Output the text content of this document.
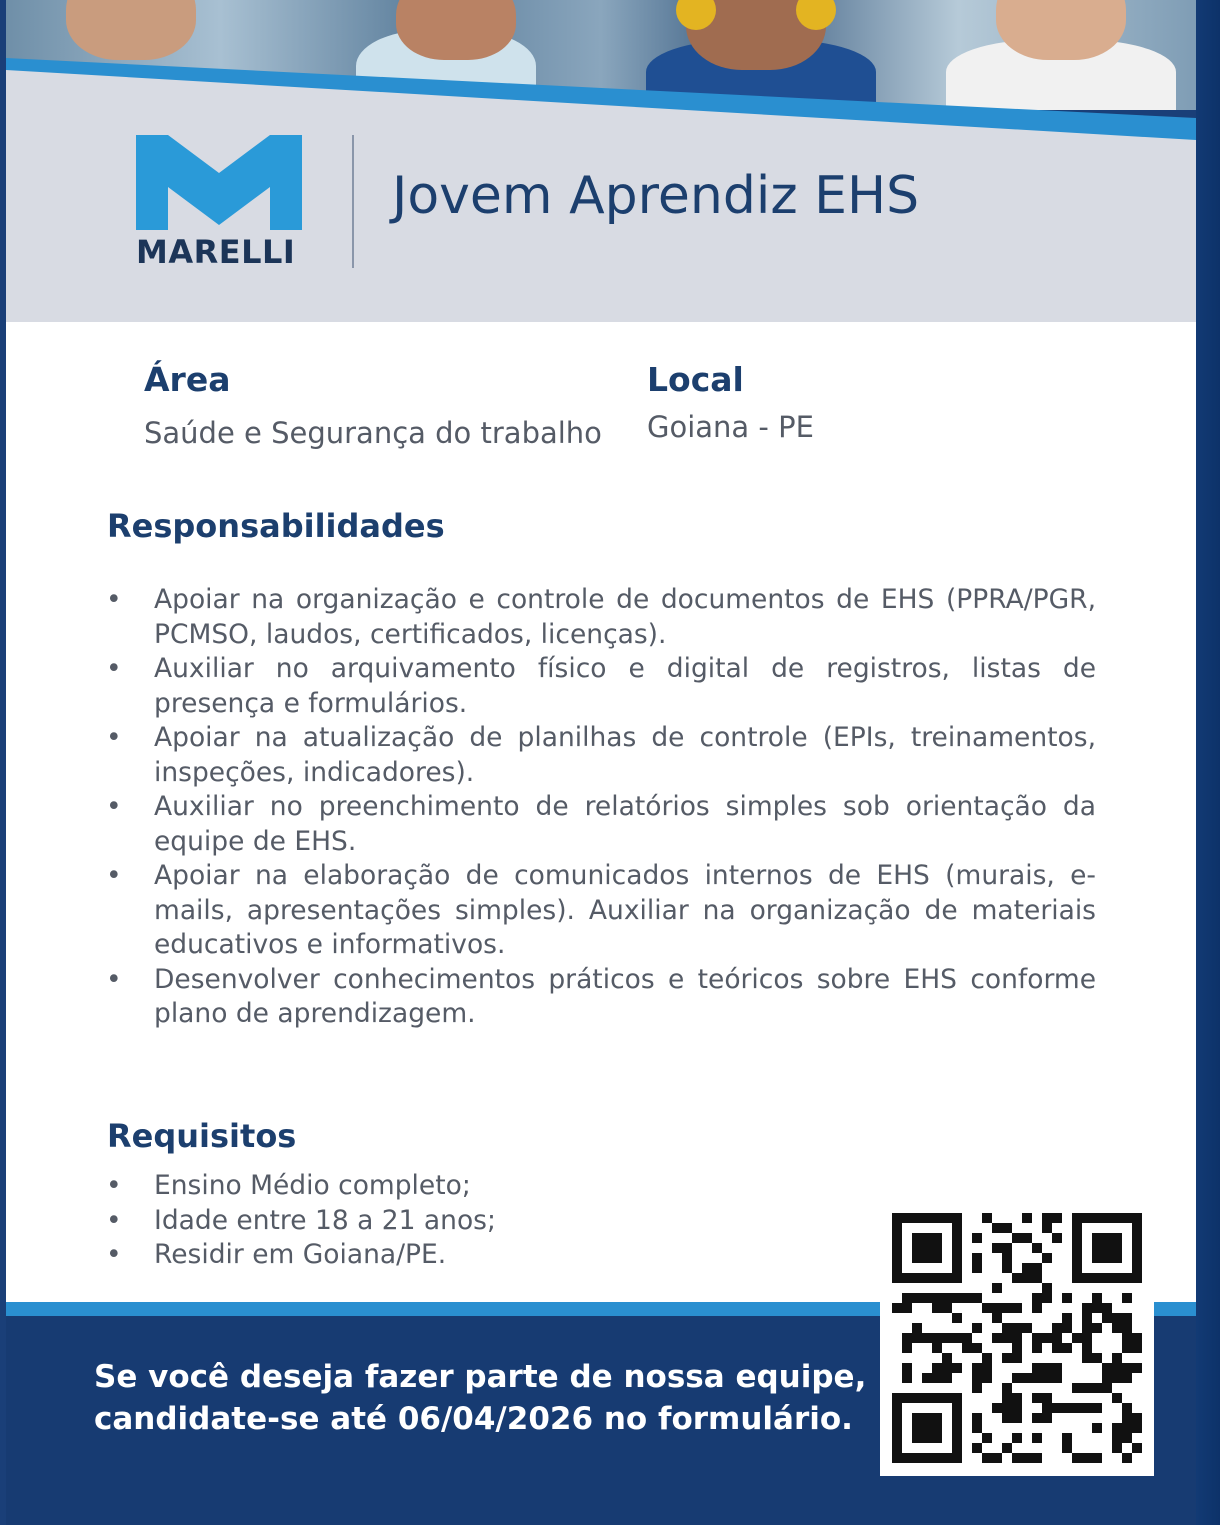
MARELLI
Jovem Aprendiz EHS
Área
Saúde e Segurança do trabalho
Local
Goiana - PE
Responsabilidades
• Apoiar na organização e controle de documentos de EHS (PPRA/PGR, PCMSO, laudos, certificados, licenças).
• Auxiliar no arquivamento físico e digital de registros, listas de presença e formulários.
• Apoiar na atualização de planilhas de controle (EPIs, treinamentos, inspeções, indicadores).
• Auxiliar no preenchimento de relatórios simples sob orientação da equipe de EHS.
• Apoiar na elaboração de comunicados internos de EHS (murais, e-mails, apresentações simples). Auxiliar na organização de materiais educativos e informativos.
• Desenvolver conhecimentos práticos e teóricos sobre EHS conforme plano de aprendizagem.
Requisitos
• Ensino Médio completo;
• Idade entre 18 a 21 anos;
• Residir em Goiana/PE.
Se você deseja fazer parte de nossa equipe,
candidate-se até 06/04/2026 no formulário.
